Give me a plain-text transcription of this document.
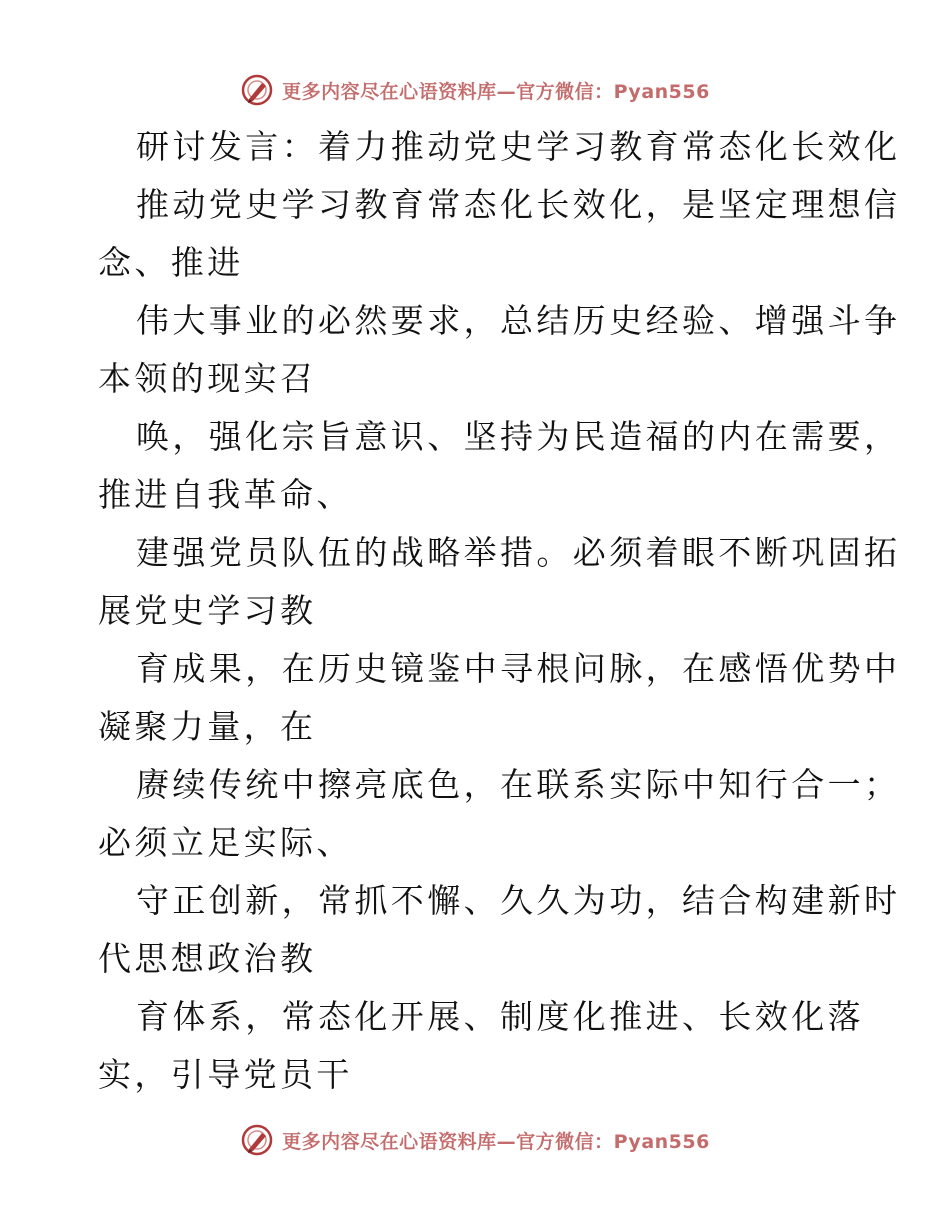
更多内容尽在心语资料库—官方微信：Pyan556
研讨发言：着力推动党史学习教育常态化长效化
推动党史学习教育常态化长效化，是坚定理想信
念、推进
伟大事业的必然要求，总结历史经验、增强斗争
本领的现实召
唤，强化宗旨意识、坚持为民造福的内在需要，
推进自我革命、
建强党员队伍的战略举措。必须着眼不断巩固拓
展党史学习教
育成果，在历史镜鉴中寻根问脉，在感悟优势中
凝聚力量，在
赓续传统中擦亮底色，在联系实际中知行合一；
必须立足实际、
守正创新，常抓不懈、久久为功，结合构建新时
代思想政治教
育体系，常态化开展、制度化推进、长效化落
实，引导党员干
更多内容尽在心语资料库—官方微信：Pyan556
